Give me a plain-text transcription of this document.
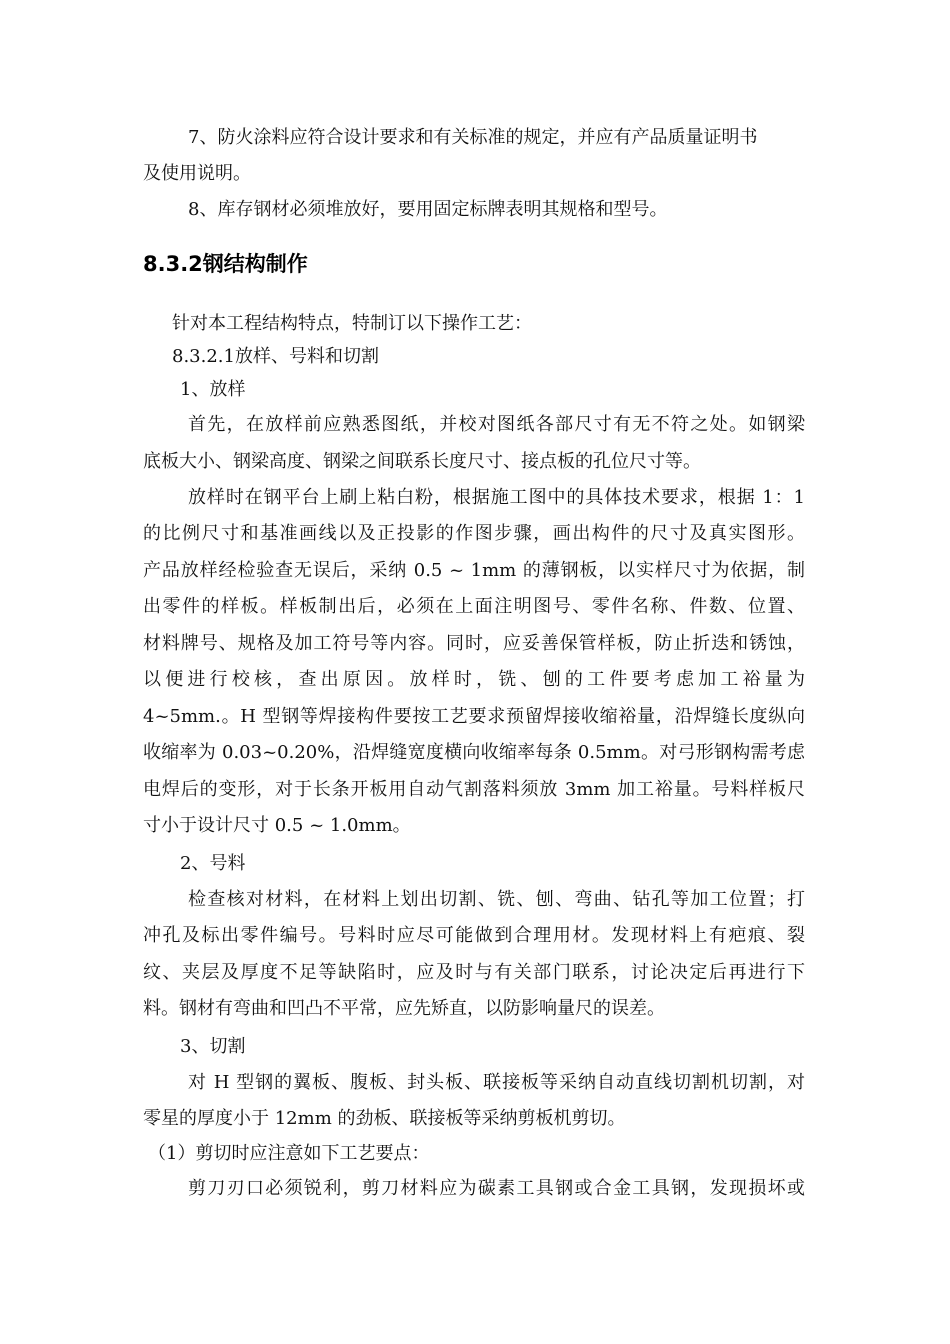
7、防火涂料应符合设计要求和有关标准的规定，并应有产品质量证明书
及使用说明。
8、库存钢材必须堆放好，要用固定标牌表明其规格和型号。
8.3.2钢结构制作
针对本工程结构特点，特制订以下操作工艺：
8.3.2.1放样、号料和切割
1、放样
首先，在放样前应熟悉图纸，并校对图纸各部尺寸有无不符之处。如钢梁
底板大小、钢梁高度、钢梁之间联系长度尺寸、接点板的孔位尺寸等。
放样时在钢平台上刷上粘白粉，根据施工图中的具体技术要求，根据 1：1
的比例尺寸和基准画线以及正投影的作图步骤，画出构件的尺寸及真实图形。
产品放样经检验查无误后，采纳 0.5 ~ 1mm 的薄钢板，以实样尺寸为依据，制
出零件的样板。样板制出后，必须在上面注明图号、零件名称、件数、位置、
材料牌号、规格及加工符号等内容。同时，应妥善保管样板，防止折迭和锈蚀，
以便进行校核，查出原因。放样时，铣、刨的工件要考虑加工裕量为
4~5mm.。H 型钢等焊接构件要按工艺要求预留焊接收缩裕量，沿焊缝长度纵向
收缩率为 0.03~0.20%，沿焊缝宽度横向收缩率每条 0.5mm。对弓形钢构需考虑
电焊后的变形，对于长条开板用自动气割落料须放 3mm 加工裕量。号料样板尺
寸小于设计尺寸 0.5 ~ 1.0mm。
2、号料
检查核对材料，在材料上划出切割、铣、刨、弯曲、钻孔等加工位置；打
冲孔及标出零件编号。号料时应尽可能做到合理用材。发现材料上有疤痕、裂
纹、夹层及厚度不足等缺陷时，应及时与有关部门联系，讨论决定后再进行下
料。钢材有弯曲和凹凸不平常，应先矫直，以防影响量尺的误差。
3、切割
对 H 型钢的翼板、腹板、封头板、联接板等采纳自动直线切割机切割，对
零星的厚度小于 12mm 的劲板、联接板等采纳剪板机剪切。
（1）剪切时应注意如下工艺要点：
剪刀刃口必须锐利，剪刀材料应为碳素工具钢或合金工具钢，发现损坏或
